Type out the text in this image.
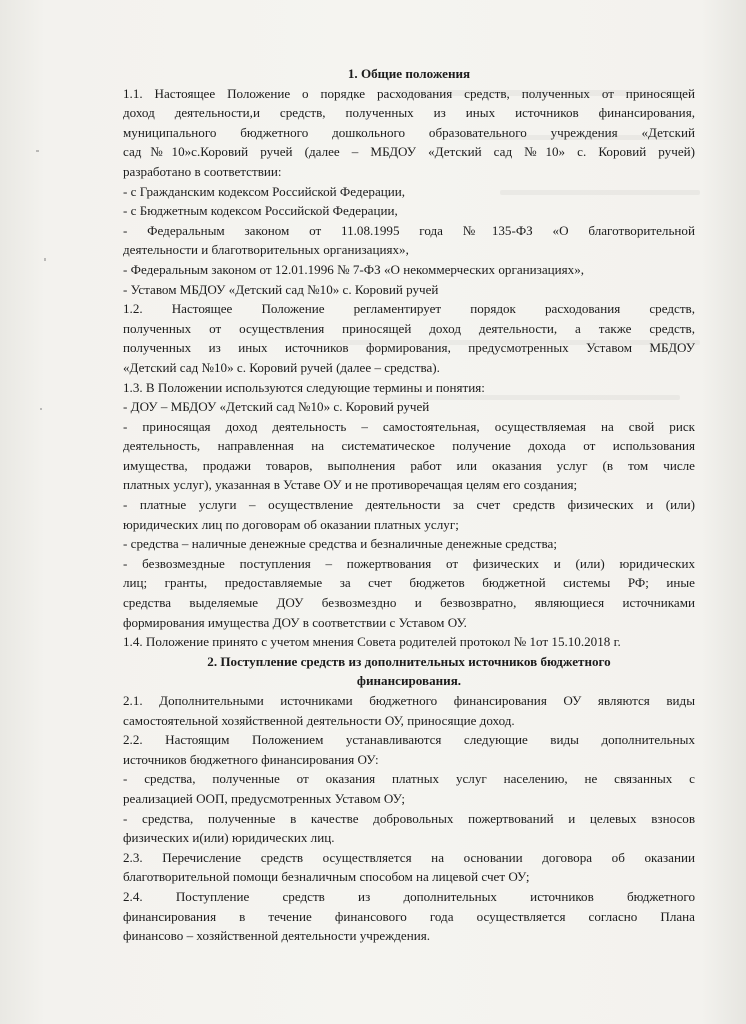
1. Общие положения

1.1. Настоящее Положение о порядке расходования средств, полученных от приносящей

доход деятельности,и средств, полученных из иных источников финансирования,

муниципального бюджетного дошкольного образовательного учреждения «Детский

сад№10»с.Коровий ручей (далее – МБДОУ «Детский сад №10» с. Коровий ручей)

разработано в соответствии:

- с Гражданским кодексом Российской Федерации,

- с Бюджетным кодексом Российской Федерации,

- Федеральным законом от 11.08.1995 года №135-ФЗ «О благотворительной

деятельности и благотворительных организациях»,

- Федеральным законом от 12.01.1996 № 7-ФЗ «О некоммерческих организациях»,

- Уставом МБДОУ «Детский сад №10» с. Коровий ручей

1.2. Настоящее Положение регламентирует порядок расходования средств,

полученных от осуществления приносящей доход деятельности, а также средств,

полученных из иных источников формирования, предусмотренных Уставом МБДОУ

«Детский сад №10» с. Коровий ручей (далее – средства).

1.3. В Положении используются следующие термины и понятия:

- ДОУ – МБДОУ «Детский сад №10» с. Коровий ручей

- приносящая доход деятельность – самостоятельная, осуществляемая на свой риск

деятельность, направленная на систематическое получение дохода от использования

имущества, продажи товаров, выполнения работ или оказания услуг (в том числе

платных услуг), указанная в Уставе ОУ и не противоречащая целям его создания;

- платные услуги – осуществление деятельности за счет средств физических и (или)

юридических лиц по договорам об оказании платных услуг;

- средства – наличные денежные средства и безналичные денежные средства;

- безвозмездные поступления – пожертвования от физических и (или) юридических

лиц; гранты, предоставляемые за счет бюджетов бюджетной системы РФ; иные

средства выделяемые ДОУ безвозмездно и безвозвратно, являющиеся источниками

формирования имущества ДОУ в соответствии с Уставом ОУ.

1.4. Положение принято с учетом мнения Совета родителей протокол № 1от 15.10.2018 г.

2. Поступление средств из дополнительных источников бюджетного

финансирования.

2.1. Дополнительными источниками бюджетного финансирования ОУ являются виды

самостоятельной хозяйственной деятельности ОУ, приносящие доход.

2.2. Настоящим Положением устанавливаются следующие виды дополнительных

источников бюджетного финансирования ОУ:

- средства, полученные от оказания платных услуг населению, не связанных с

реализацией ООП, предусмотренных Уставом ОУ;

- средства, полученные в качестве добровольных пожертвований и целевых взносов

физических и(или) юридических лиц.

2.3. Перечисление средств осуществляется на основании договора об оказании

благотворительной помощи безналичным способом на лицевой счет ОУ;

2.4. Поступление средств из дополнительных источников бюджетного

финансирования в течение финансового года осуществляется согласно Плана

финансово – хозяйственной деятельности учреждения.
